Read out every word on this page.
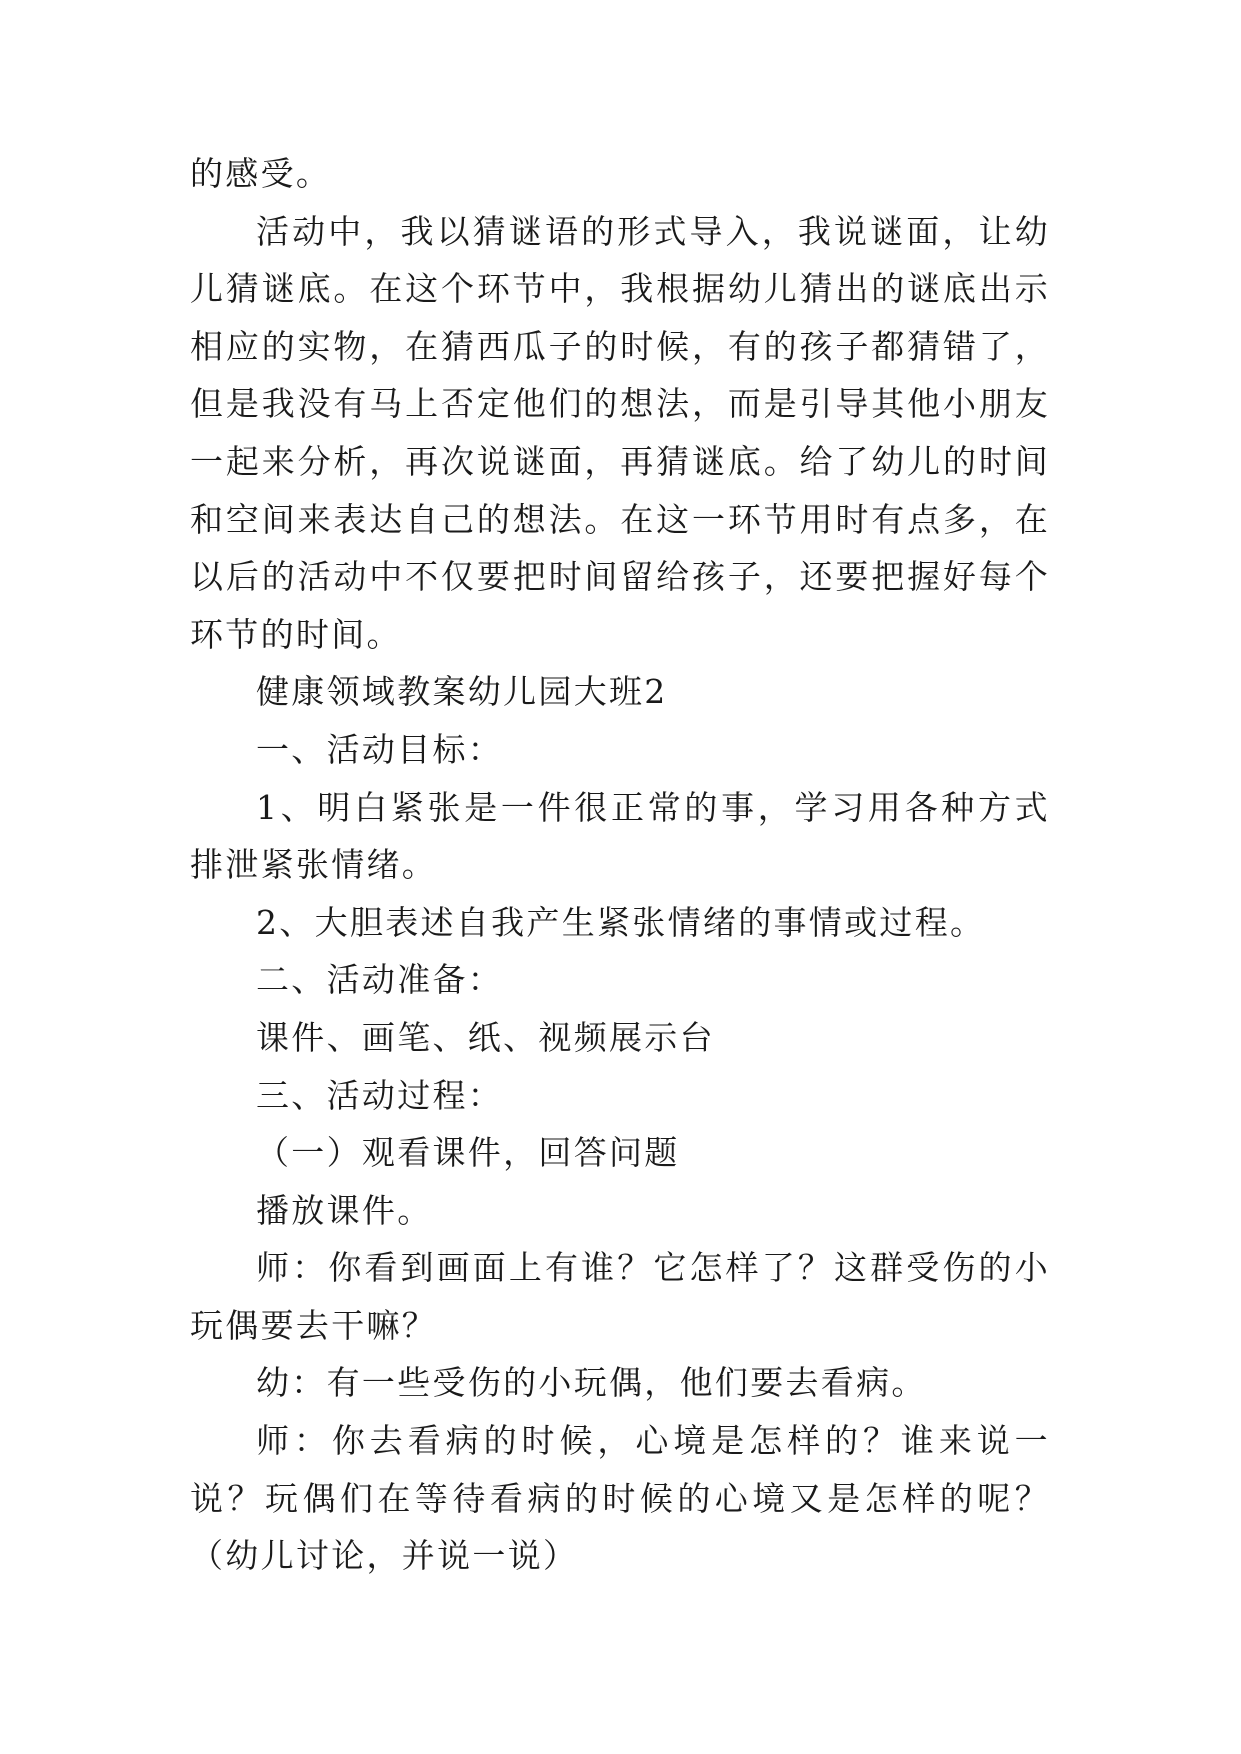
的感受。

活动中，我以猜谜语的形式导入，我说谜面，让幼儿猜谜底。在这个环节中，我根据幼儿猜出的谜底出示相应的实物，在猜西瓜子的时候，有的孩子都猜错了，但是我没有马上否定他们的想法，而是引导其他小朋友一起来分析，再次说谜面，再猜谜底。给了幼儿的时间和空间来表达自己的想法。在这一环节用时有点多，在以后的活动中不仅要把时间留给孩子，还要把握好每个环节的时间。

健康领域教案幼儿园大班2

一、活动目标：

1、明白紧张是一件很正常的事，学习用各种方式排泄紧张情绪。

2、大胆表述自我产生紧张情绪的事情或过程。

二、活动准备：

课件、画笔、纸、视频展示台

三、活动过程：

（一）观看课件，回答问题

播放课件。

师：你看到画面上有谁？它怎样了？这群受伤的小玩偶要去干嘛？

幼：有一些受伤的小玩偶，他们要去看病。

师：你去看病的时候，心境是怎样的？谁来说一说？玩偶们在等待看病的时候的心境又是怎样的呢？（幼儿讨论，并说一说）
